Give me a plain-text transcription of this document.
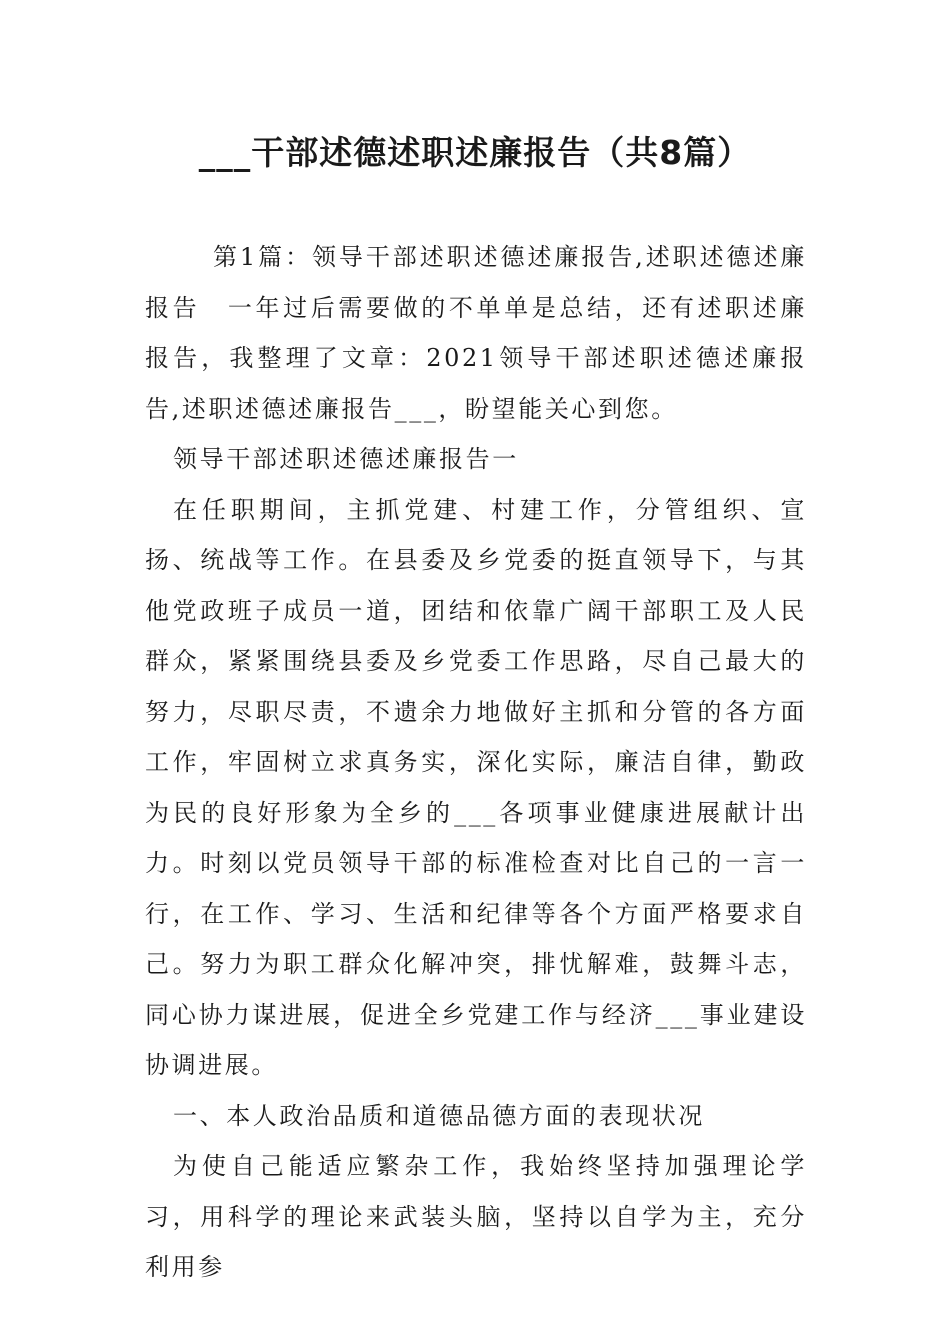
___干部述德述职述廉报告（共8篇）

第1篇：领导干部述职述德述廉报告,述职述德述廉报告　一年过后需要做的不单单是总结，还有述职述廉报告，我整理了文章：2021领导干部述职述德述廉报告,述职述德述廉报告___，盼望能关心到您。

领导干部述职述德述廉报告一

在任职期间，主抓党建、村建工作，分管组织、宣扬、统战等工作。在县委及乡党委的挺直领导下，与其他党政班子成员一道，团结和依靠广阔干部职工及人民群众，紧紧围绕县委及乡党委工作思路，尽自己最大的努力，尽职尽责，不遗余力地做好主抓和分管的各方面工作，牢固树立求真务实，深化实际，廉洁自律，勤政为民的良好形象为全乡的___各项事业健康进展献计出力。时刻以党员领导干部的标准检查对比自己的一言一行，在工作、学习、生活和纪律等各个方面严格要求自己。努力为职工群众化解冲突，排忧解难，鼓舞斗志，同心协力谋进展，促进全乡党建工作与经济___事业建设协调进展。

一、本人政治品质和道德品德方面的表现状况

为使自己能适应繁杂工作，我始终坚持加强理论学习，用科学的理论来武装头脑，坚持以自学为主，充分利用参
